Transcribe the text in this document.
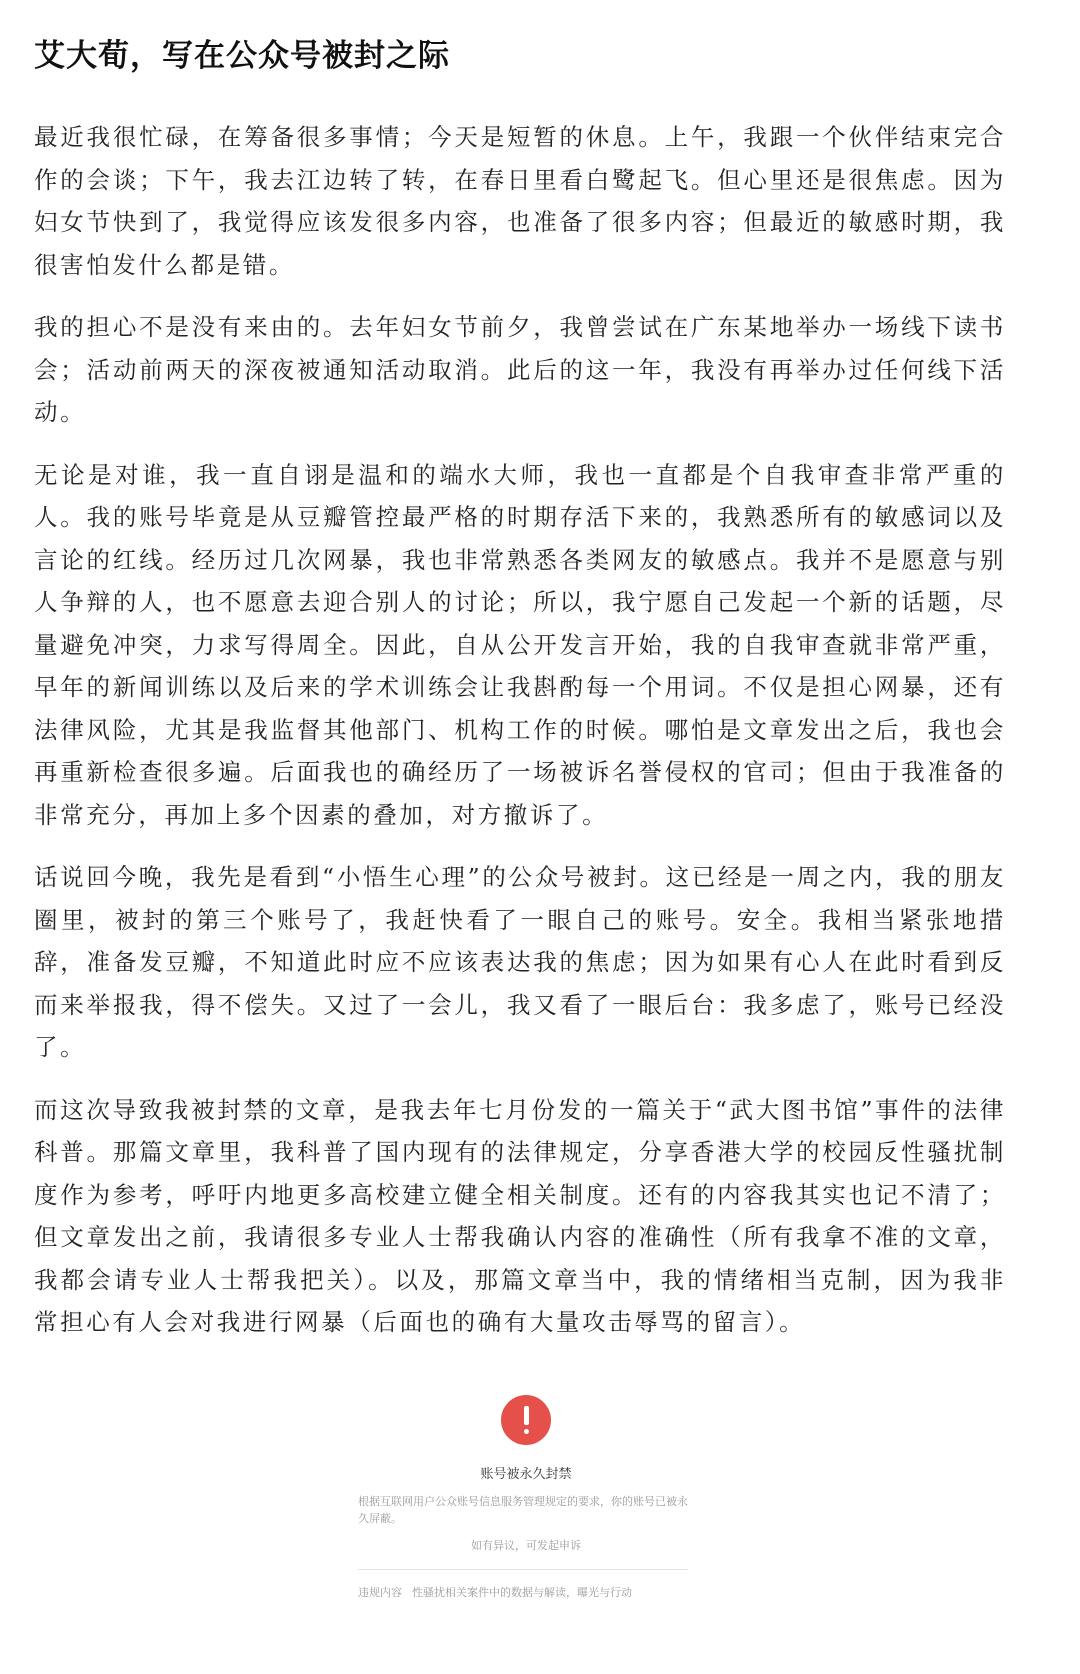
艾大荀，写在公众号被封之际

最近我很忙碌，在筹备很多事情；今天是短暂的休息。上午，我跟一个伙伴结束完合作的会谈；下午，我去江边转了转，在春日里看白鹭起飞。但心里还是很焦虑。因为妇女节快到了，我觉得应该发很多内容，也准备了很多内容；但最近的敏感时期，我很害怕发什么都是错。

我的担心不是没有来由的。去年妇女节前夕，我曾尝试在广东某地举办一场线下读书会；活动前两天的深夜被通知活动取消。此后的这一年，我没有再举办过任何线下活动。

无论是对谁，我一直自诩是温和的端水大师，我也一直都是个自我审查非常严重的人。我的账号毕竟是从豆瓣管控最严格的时期存活下来的，我熟悉所有的敏感词以及言论的红线。经历过几次网暴，我也非常熟悉各类网友的敏感点。我并不是愿意与别人争辩的人，也不愿意去迎合别人的讨论；所以，我宁愿自己发起一个新的话题，尽量避免冲突，力求写得周全。因此，自从公开发言开始，我的自我审查就非常严重，早年的新闻训练以及后来的学术训练会让我斟酌每一个用词。不仅是担心网暴，还有法律风险，尤其是我监督其他部门、机构工作的时候。哪怕是文章发出之后，我也会再重新检查很多遍。后面我也的确经历了一场被诉名誉侵权的官司；但由于我准备的非常充分，再加上多个因素的叠加，对方撤诉了。

话说回今晚，我先是看到“小悟生心理”的公众号被封。这已经是一周之内，我的朋友圈里，被封的第三个账号了，我赶快看了一眼自己的账号。安全。我相当紧张地措辞，准备发豆瓣，不知道此时应不应该表达我的焦虑；因为如果有心人在此时看到反而来举报我，得不偿失。又过了一会儿，我又看了一眼后台：我多虑了，账号已经没了。

而这次导致我被封禁的文章，是我去年七月份发的一篇关于“武大图书馆”事件的法律科普。那篇文章里，我科普了国内现有的法律规定，分享香港大学的校园反性骚扰制度作为参考，呼吁内地更多高校建立健全相关制度。还有的内容我其实也记不清了；但文章发出之前，我请很多专业人士帮我确认内容的准确性（所有我拿不准的文章，我都会请专业人士帮我把关）。以及，那篇文章当中，我的情绪相当克制，因为我非常担心有人会对我进行网暴（后面也的确有大量攻击辱骂的留言）。

账号被永久封禁
根据互联网用户公众账号信息服务管理规定的要求，你的账号已被永久屏蔽。
如有异议，可发起申诉
违规内容 性骚扰相关案件中的数据与解读，曝光与行动
